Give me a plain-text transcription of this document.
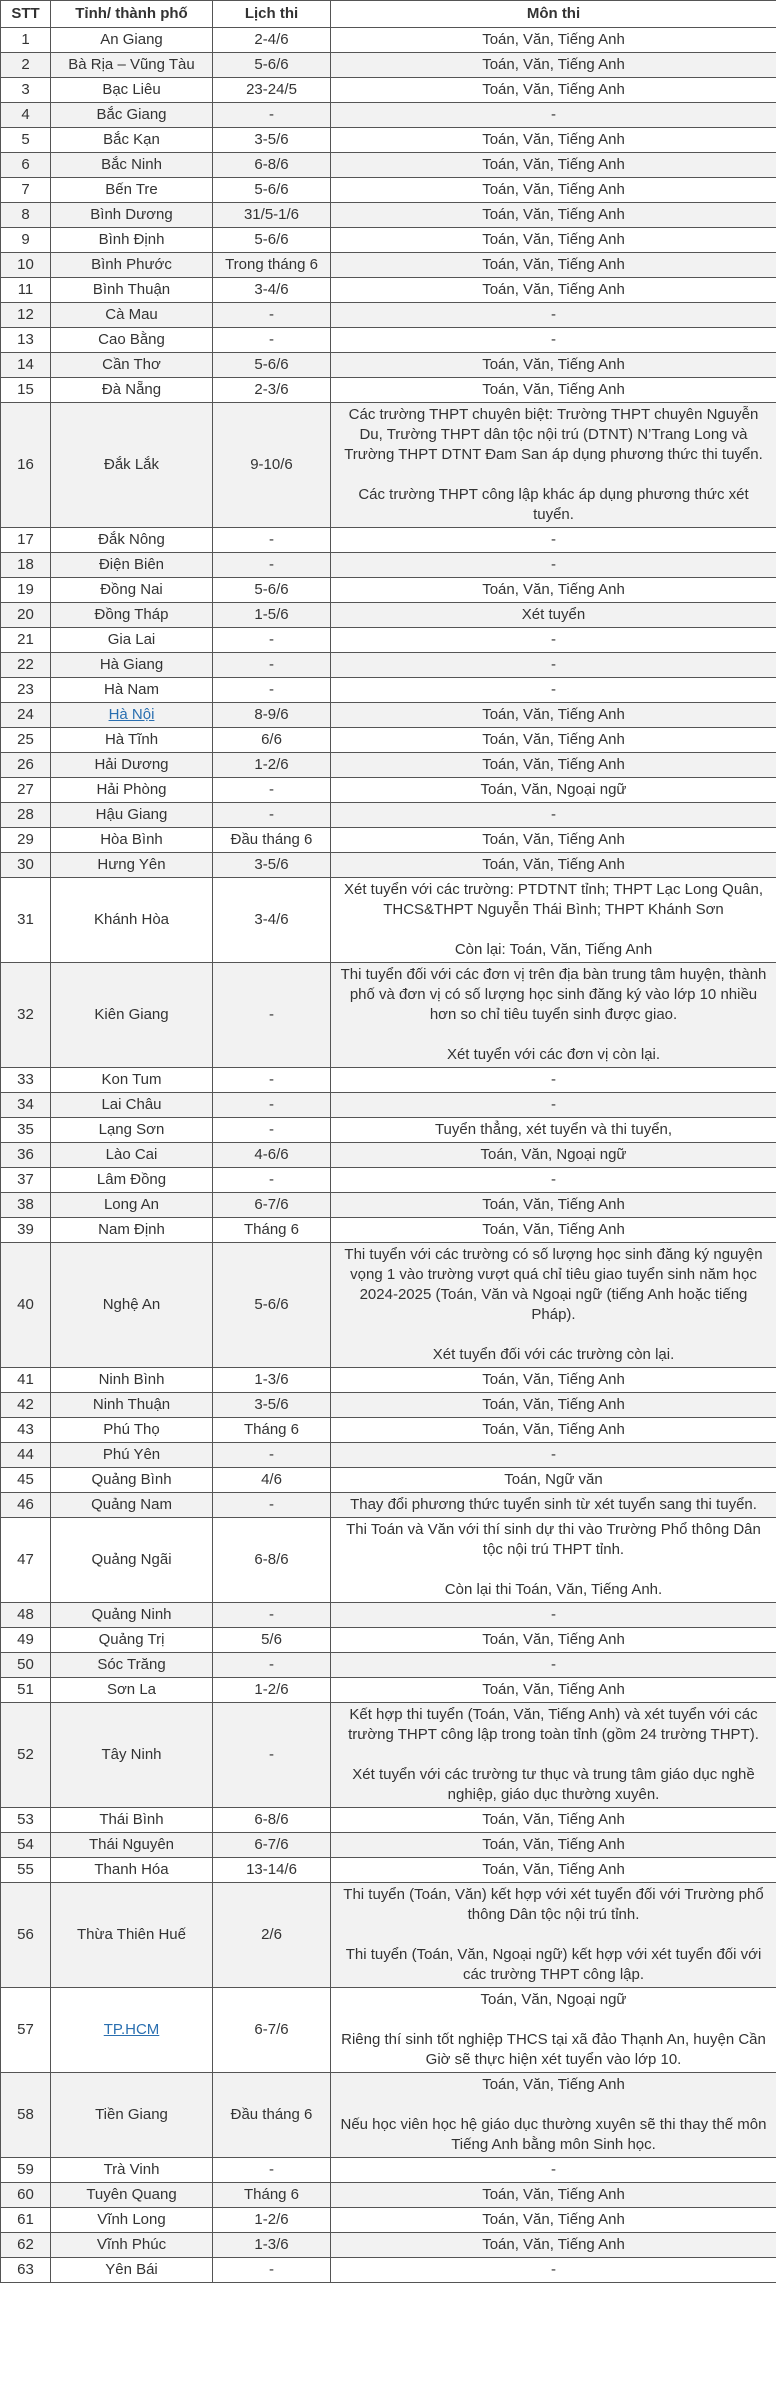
STT	Tỉnh/ thành phố	Lịch thi	Môn thi
1	An Giang	2-4/6	Toán, Văn, Tiếng Anh

2	Bà Rịa – Vũng Tàu	5-6/6	Toán, Văn, Tiếng Anh

3	Bạc Liêu	23-24/5	Toán, Văn, Tiếng Anh

4	Bắc Giang	-	-

5	Bắc Kạn	3-5/6	Toán, Văn, Tiếng Anh

6	Bắc Ninh	6-8/6	Toán, Văn, Tiếng Anh

7	Bến Tre	5-6/6	Toán, Văn, Tiếng Anh

8	Bình Dương	31/5-1/6	Toán, Văn, Tiếng Anh

9	Bình Định	5-6/6	Toán, Văn, Tiếng Anh

10	Bình Phước	Trong tháng 6	Toán, Văn, Tiếng Anh

11	Bình Thuận	3-4/6	Toán, Văn, Tiếng Anh

12	Cà Mau	-	-

13	Cao Bằng	-	-

14	Cần Thơ	5-6/6	Toán, Văn, Tiếng Anh

15	Đà Nẵng	2-3/6	Toán, Văn, Tiếng Anh

16	Đắk Lắk	9-10/6	Các trường THPT chuyên biệt: Trường THPT chuyên Nguyễn Du, Trường THPT dân tộc nội trú (DTNT) N’Trang Long và Trường THPT DTNT Đam San áp dụng phương thức thi tuyển.
Các trường THPT công lập khác áp dụng phương thức xét tuyển.

17	Đắk Nông	-	-

18	Điện Biên	-	-

19	Đồng Nai	5-6/6	Toán, Văn, Tiếng Anh

20	Đồng Tháp	1-5/6	Xét tuyển

21	Gia Lai	-	-

22	Hà Giang	-	-

23	Hà Nam	-	-

24	Hà Nội	8-9/6	Toán, Văn, Tiếng Anh

25	Hà Tĩnh	6/6	Toán, Văn, Tiếng Anh

26	Hải Dương	1-2/6	Toán, Văn, Tiếng Anh

27	Hải Phòng	-	Toán, Văn, Ngoại ngữ

28	Hậu Giang	-	-

29	Hòa Bình	Đầu tháng 6	Toán, Văn, Tiếng Anh

30	Hưng Yên	3-5/6	Toán, Văn, Tiếng Anh

31	Khánh Hòa	3-4/6	Xét tuyển với các trường: PTDTNT tỉnh; THPT Lạc Long Quân, THCS&THPT Nguyễn Thái Bình; THPT Khánh Sơn
Còn lại: Toán, Văn, Tiếng Anh

32	Kiên Giang	-	Thi tuyển đối với các đơn vị trên địa bàn trung tâm huyện, thành phố và đơn vị có số lượng học sinh đăng ký vào lớp 10 nhiều hơn so chỉ tiêu tuyển sinh được giao.
Xét tuyển với các đơn vị còn lại.

33	Kon Tum	-	-

34	Lai Châu	-	-

35	Lạng Sơn	-	Tuyển thẳng, xét tuyển và thi tuyển,

36	Lào Cai	4-6/6	Toán, Văn, Ngoại ngữ

37	Lâm Đồng	-	-

38	Long An	6-7/6	Toán, Văn, Tiếng Anh

39	Nam Định	Tháng 6	Toán, Văn, Tiếng Anh

40	Nghệ An	5-6/6	Thi tuyển với các trường có số lượng học sinh đăng ký nguyện vọng 1 vào trường vượt quá chỉ tiêu giao tuyển sinh năm học 2024-2025 (Toán, Văn và Ngoại ngữ (tiếng Anh hoặc tiếng Pháp).
Xét tuyển đối với các trường còn lại.

41	Ninh Bình	1-3/6	Toán, Văn, Tiếng Anh

42	Ninh Thuận	3-5/6	Toán, Văn, Tiếng Anh

43	Phú Thọ	Tháng 6	Toán, Văn, Tiếng Anh

44	Phú Yên	-	-

45	Quảng Bình	4/6	Toán, Ngữ văn

46	Quảng Nam	-	Thay đổi phương thức tuyển sinh từ xét tuyển sang thi tuyển.

47	Quảng Ngãi	6-8/6	Thi Toán và Văn với thí sinh dự thi vào Trường Phổ thông Dân tộc nội trú THPT tỉnh.
Còn lại thi Toán, Văn, Tiếng Anh.

48	Quảng Ninh	-	-

49	Quảng Trị	5/6	Toán, Văn, Tiếng Anh

50	Sóc Trăng	-	-

51	Sơn La	1-2/6	Toán, Văn, Tiếng Anh

52	Tây Ninh	-	Kết hợp thi tuyển (Toán, Văn, Tiếng Anh) và xét tuyển với các trường THPT công lập trong toàn tỉnh (gồm 24 trường THPT).
Xét tuyển với các trường tư thục và trung tâm giáo dục nghề nghiệp, giáo dục thường xuyên.

53	Thái Bình	6-8/6	Toán, Văn, Tiếng Anh

54	Thái Nguyên	6-7/6	Toán, Văn, Tiếng Anh

55	Thanh Hóa	13-14/6	Toán, Văn, Tiếng Anh

56	Thừa Thiên Huế	2/6	Thi tuyển (Toán, Văn) kết hợp với xét tuyển đối với Trường phổ thông Dân tộc nội trú tỉnh.
Thi tuyển (Toán, Văn, Ngoại ngữ) kết hợp với xét tuyển đối với các trường THPT công lập.

57	TP.HCM	6-7/6	Toán, Văn, Ngoại ngữ
Riêng thí sinh tốt nghiệp THCS tại xã đảo Thạnh An, huyện Cần Giờ sẽ thực hiện xét tuyển vào lớp 10.

58	Tiền Giang	Đầu tháng 6	Toán, Văn, Tiếng Anh
Nếu học viên học hệ giáo dục thường xuyên sẽ thi thay thế môn Tiếng Anh bằng môn Sinh học.

59	Trà Vinh	-	-

60	Tuyên Quang	Tháng 6	Toán, Văn, Tiếng Anh

61	Vĩnh Long	1-2/6	Toán, Văn, Tiếng Anh

62	Vĩnh Phúc	1-3/6	Toán, Văn, Tiếng Anh

63	Yên Bái	-	-
